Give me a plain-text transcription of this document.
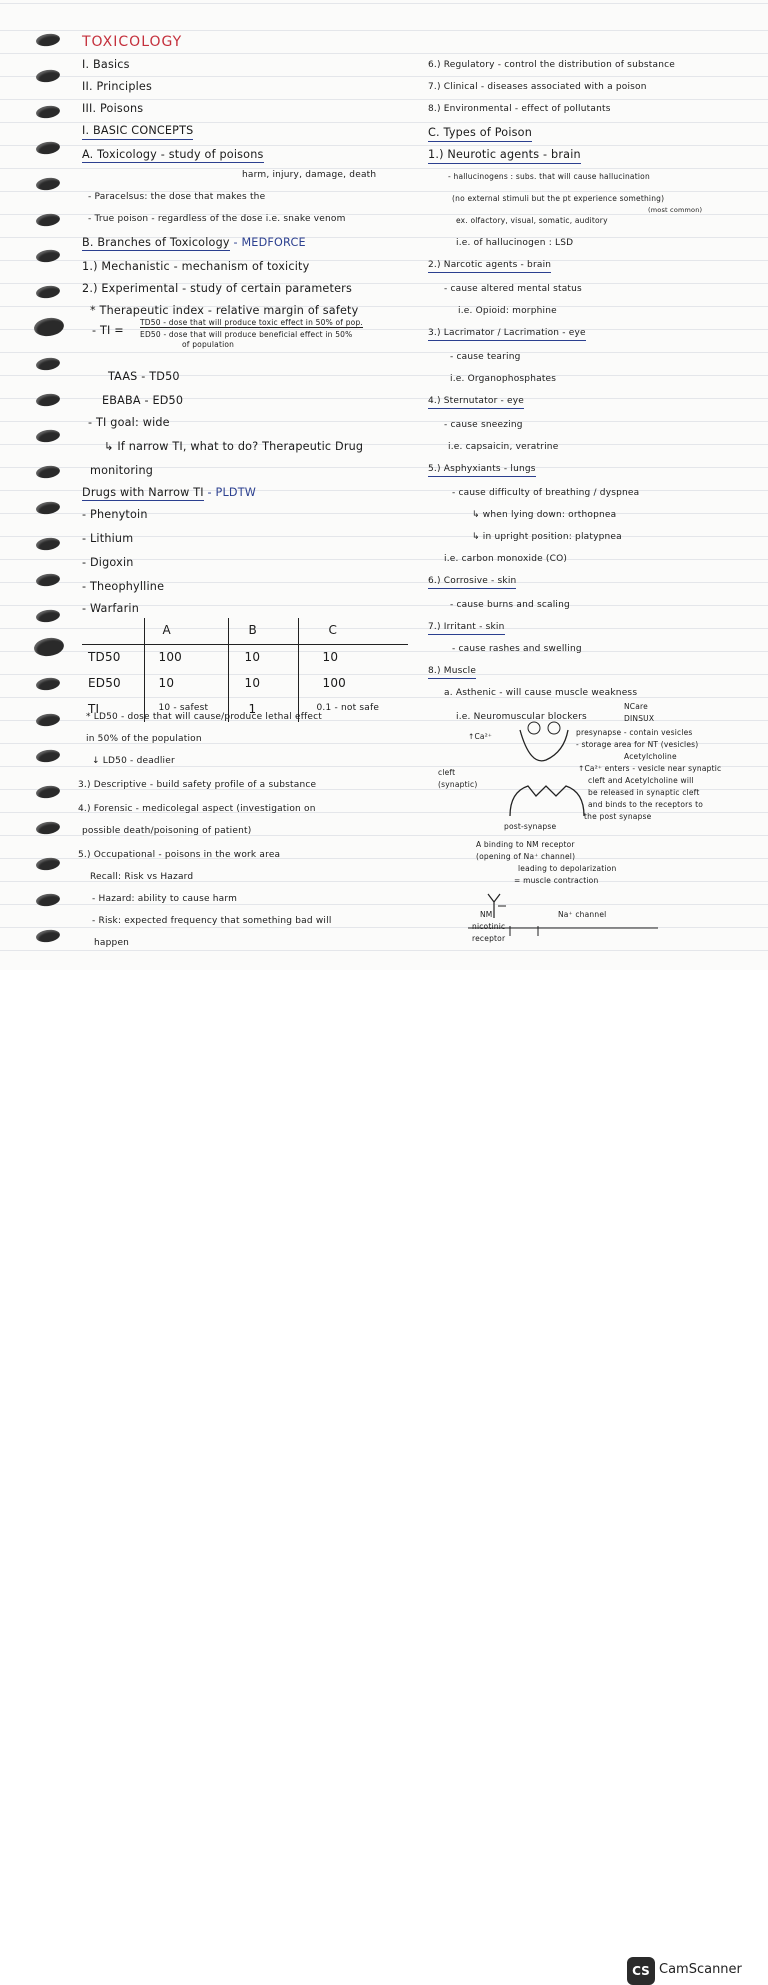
TOXICOLOGY
I. Basics
II. Principles
III. Poisons
I. BASIC CONCEPTS
A. Toxicology - study of poisons
harm, injury, damage, death
- Paracelsus: the dose that makes the
- True poison - regardless of the dose i.e. snake venom
B. Branches of Toxicology - MEDFORCE
1.) Mechanistic - mechanism of toxicity
2.) Experimental - study of certain parameters
* Therapeutic index - relative margin of safety
- TI =
TD50 - dose that will produce toxic effect in 50% of pop.
ED50 - dose that will produce beneficial effect in 50%
of population
TAAS - TD50
EBABA - ED50
- TI goal: wide
↳ If narrow TI, what to do? Therapeutic Drug
monitoring
Drugs with Narrow TI - PLDTW
- Phenytoin
- Lithium
- Digoxin
- Theophylline
- Warfarin
	A	B	C
TD50	100	10	10
ED50	10	10	100
TI	10 - safest	1	0.1 - not safe
* LD50 - dose that will cause/produce lethal effect
in 50% of the population
↓ LD50 - deadlier
3.) Descriptive - build safety profile of a substance
4.) Forensic - medicolegal aspect (investigation on
possible death/poisoning of patient)
5.) Occupational - poisons in the work area
Recall: Risk vs Hazard
- Hazard: ability to cause harm
- Risk: expected frequency that something bad will
happen
6.) Regulatory - control the distribution of substance
7.) Clinical - diseases associated with a poison
8.) Environmental - effect of pollutants
C. Types of Poison
1.) Neurotic agents - brain
- hallucinogens : subs. that will cause hallucination
(no external stimuli but the pt experience something)
(most common)
ex. olfactory, visual, somatic, auditory
i.e. of hallucinogen : LSD
2.) Narcotic agents - brain
- cause altered mental status
i.e. Opioid: morphine
3.) Lacrimator / Lacrimation - eye
- cause tearing
i.e. Organophosphates
4.) Sternutator - eye
- cause sneezing
i.e. capsaicin, veratrine
5.) Asphyxiants - lungs
- cause difficulty of breathing / dyspnea
↳ when lying down: orthopnea
↳ in upright position: platypnea
i.e. carbon monoxide (CO)
6.) Corrosive - skin
- cause burns and scaling
7.) Irritant - skin
- cause rashes and swelling
8.) Muscle
a. Asthenic - will cause muscle weakness
i.e. Neuromuscular blockers
NCare
DINSUX
↑Ca²⁺	presynapse - contain vesicles
- storage area for NT (vesicles)
Acetylcholine
↑Ca²⁺ enters - vesicle near synaptic
cleft and Acetylcholine will
be released in synaptic cleft
and binds to the receptors to
the post synapse
cleft
(synaptic)
post-synapse
A binding to NM receptor
(opening of Na⁺ channel)
leading to depolarization
= muscle contraction
NM
nicotinic
receptor
Na⁺ channel
CS CamScanner
